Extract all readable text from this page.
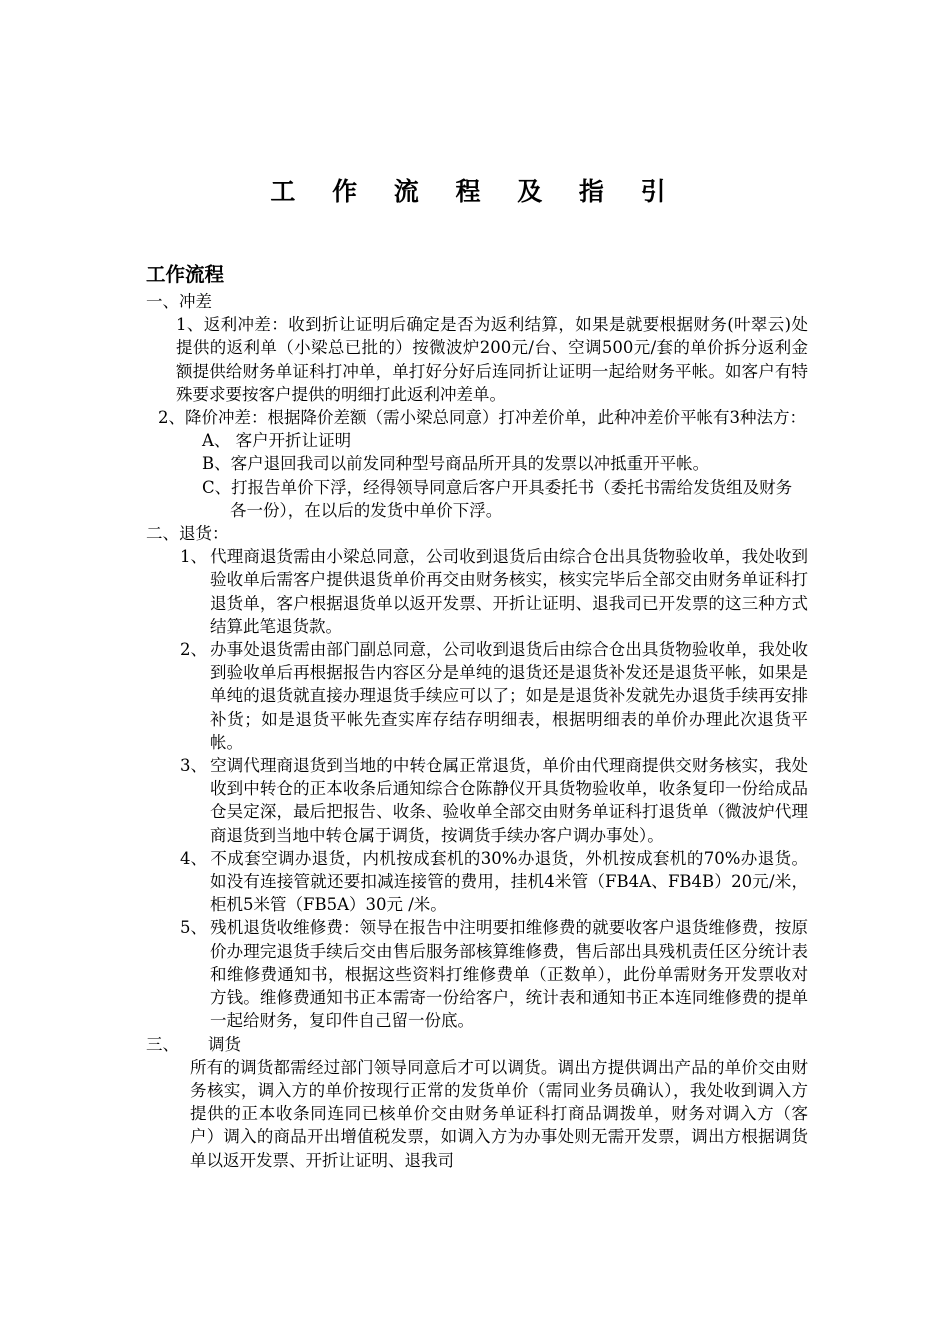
工 作 流 程 及 指 引
工作流程

一、冲差

1、返利冲差：收到折让证明后确定是否为返利结算，如果是就要根据财务(叶翠云)处提供的返利单（小梁总已批的）按微波炉200元/台、空调500元/套的单价拆分返利金额提供给财务单证科打冲单，单打好分好后连同折让证明一起给财务平帐。如客户有特殊要求要按客户提供的明细打此返利冲差单。

2、降价冲差：根据降价差额（需小梁总同意）打冲差价单，此种冲差价平帐有3种法方：

A、 客户开折让证明

B、客户退回我司以前发同种型号商品所开具的发票以冲抵重开平帐。

C、打报告单价下浮，经得领导同意后客户开具委托书（委托书需给发货组及财务各一份），在以后的发货中单价下浮。

二、退货：

1、 代理商退货需由小梁总同意，公司收到退货后由综合仓出具货物验收单，我处收到验收单后需客户提供退货单价再交由财务核实，核实完毕后全部交由财务单证科打退货单，客户根据退货单以返开发票、开折让证明、退我司已开发票的这三种方式结算此笔退货款。

2、 办事处退货需由部门副总同意，公司收到退货后由综合仓出具货物验收单，我处收到验收单后再根据报告内容区分是单纯的退货还是退货补发还是退货平帐，如果是单纯的退货就直接办理退货手续应可以了；如是是退货补发就先办退货手续再安排补货；如是退货平帐先查实库存结存明细表，根据明细表的单价办理此次退货平帐。

3、 空调代理商退货到当地的中转仓属正常退货，单价由代理商提供交财务核实，我处收到中转仓的正本收条后通知综合仓陈静仪开具货物验收单，收条复印一份给成品仓吴定深，最后把报告、收条、验收单全部交由财务单证科打退货单（微波炉代理商退货到当地中转仓属于调货，按调货手续办客户调办事处）。

4、 不成套空调办退货，内机按成套机的30%办退货，外机按成套机的70%办退货。如没有连接管就还要扣减连接管的费用，挂机4米管（FB4A、FB4B）20元/米，柜机5米管（FB5A）30元 /米。

5、 残机退货收维修费：领导在报告中注明要扣维修费的就要收客户退货维修费，按原价办理完退货手续后交由售后服务部核算维修费，售后部出具残机责任区分统计表和维修费通知书，根据这些资料打维修费单（正数单），此份单需财务开发票收对方钱。维修费通知书正本需寄一份给客户，统计表和通知书正本连同维修费的提单一起给财务，复印件自己留一份底。

三、 调货

所有的调货都需经过部门领导同意后才可以调货。调出方提供调出产品的单价交由财务核实，调入方的单价按现行正常的发货单价（需同业务员确认），我处收到调入方提供的正本收条同连同已核单价交由财务单证科打商品调拨单，财务对调入方（客户）调入的商品开出增值税发票，如调入方为办事处则无需开发票，调出方根据调货单以返开发票、开折让证明、退我司
